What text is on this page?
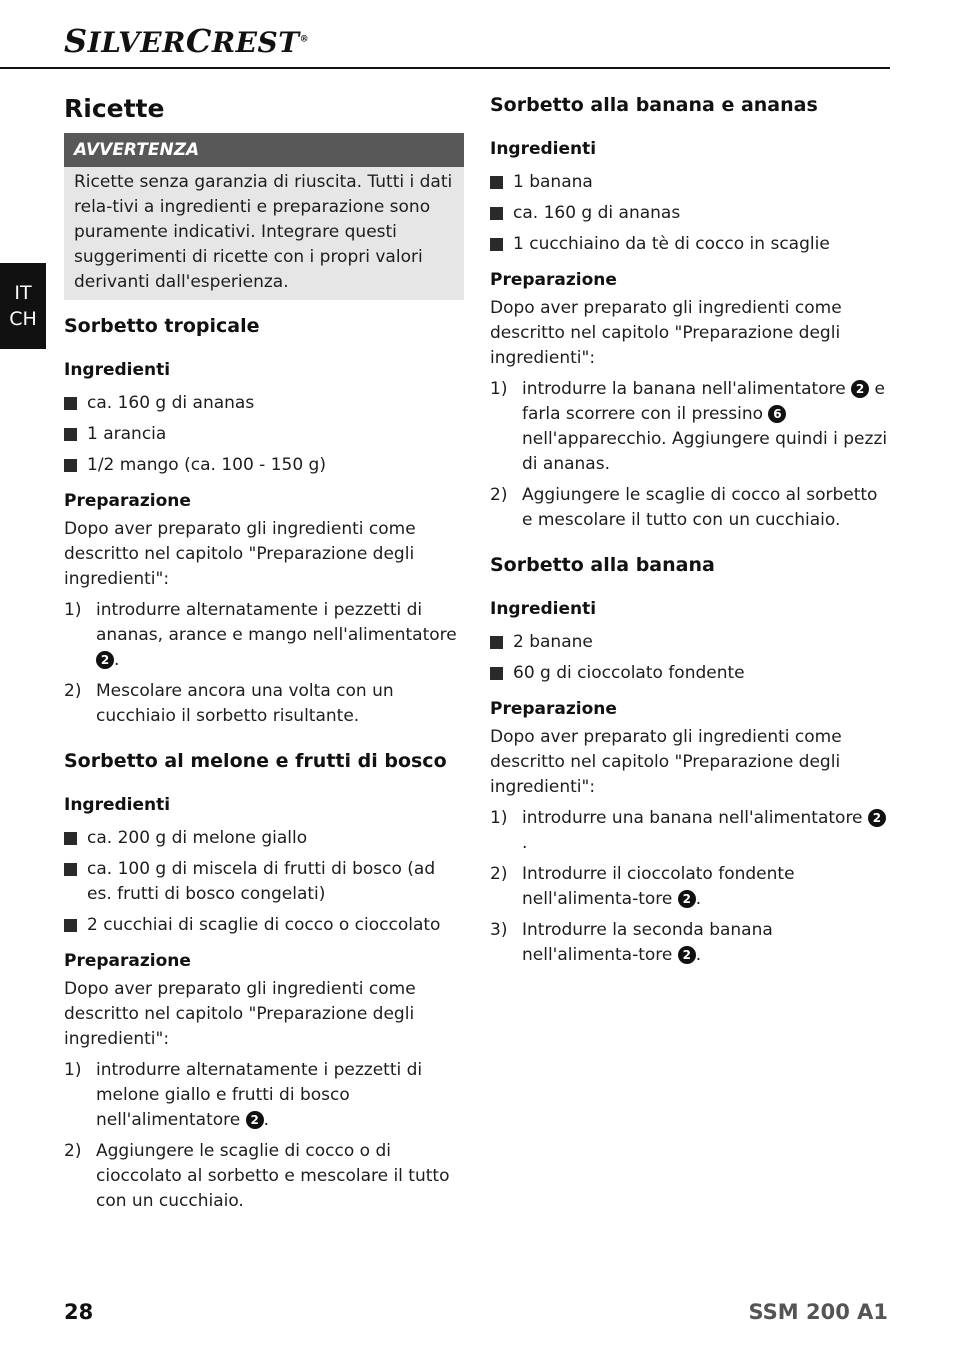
SILVERCREST®
IT
CH
Ricette
AVVERTENZA
Ricette senza garanzia di riuscita. Tutti i dati rela-tivi a ingredienti e preparazione sono puramente indicativi. Integrare questi suggerimenti di ricette con i propri valori derivanti dall'esperienza.
Sorbetto tropicale
Ingredienti
ca. 160 g di ananas
1 arancia
1/2 mango (ca. 100 - 150 g)
Preparazione

Dopo aver preparato gli ingredienti come descritto nel capitolo "Preparazione degli ingredienti":

1) introdurre alternatamente i pezzetti di ananas, arance e mango nell'alimentatore 2 .
2) Mescolare ancora una volta con un cucchiaio il sorbetto risultante.
Sorbetto al melone e frutti di bosco
Ingredienti
ca. 200 g di melone giallo
ca. 100 g di miscela di frutti di bosco (ad es. frutti di bosco congelati)
2 cucchiai di scaglie di cocco o cioccolato
Preparazione

Dopo aver preparato gli ingredienti come descritto nel capitolo "Preparazione degli ingredienti":

1) introdurre alternatamente i pezzetti di melone giallo e frutti di bosco nell'alimentatore 2 .
2) Aggiungere le scaglie di cocco o di cioccolato al sorbetto e mescolare il tutto con un cucchiaio.
Sorbetto alla banana e ananas
Ingredienti
1 banana
ca. 160 g di ananas
1 cucchiaino da tè di cocco in scaglie
Preparazione

Dopo aver preparato gli ingredienti come descritto nel capitolo "Preparazione degli ingredienti":

1) introdurre la banana nell'alimentatore 2 e farla scorrere con il pressino 6 nell'apparecchio. Aggiungere quindi i pezzi di ananas.
2) Aggiungere le scaglie di cocco al sorbetto e mescolare il tutto con un cucchiaio.
Sorbetto alla banana
Ingredienti
2 banane
60 g di cioccolato fondente
Preparazione

Dopo aver preparato gli ingredienti come descritto nel capitolo "Preparazione degli ingredienti":

1) introdurre una banana nell'alimentatore 2.
2) Introdurre il cioccolato fondente nell'alimenta-tore 2 .
3) Introdurre la seconda banana nell'alimenta-tore 2 .
28	SSM 200 A1
